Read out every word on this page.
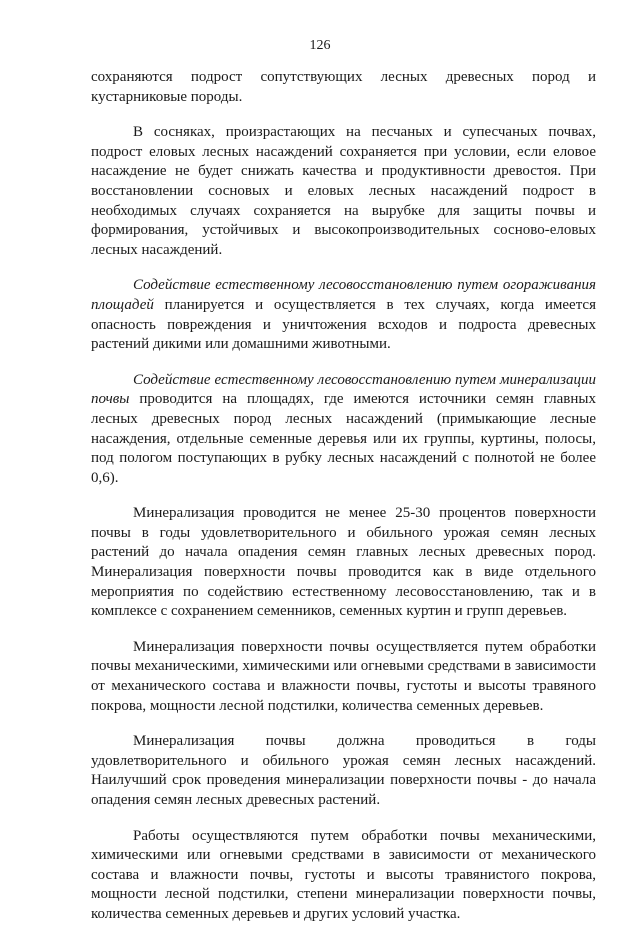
126

сохраняются подрост сопутствующих лесных древесных пород и кустарниковые породы.

В сосняках, произрастающих на песчаных и супесчаных почвах, подрост еловых лесных насаждений сохраняется при условии, если еловое насаждение не будет снижать качества и продуктивности древостоя. При восстановлении сосновых и еловых лесных насаждений подрост в необходимых случаях сохраняется на вырубке для защиты почвы и формирования, устойчивых и высокопроизводительных сосново-еловых лесных насаждений.

Содействие естественному лесовосстановлению путем огораживания площадей планируется и осуществляется в тех случаях, когда имеется опасность повреждения и уничтожения всходов и подроста древесных растений дикими или домашними животными.

Содействие естественному лесовосстановлению путем минерализации почвы проводится на площадях, где имеются источники семян главных лесных древесных пород лесных насаждений (примыкающие лесные насаждения, отдельные семенные деревья или их группы, куртины, полосы, под пологом поступающих в рубку лесных насаждений с полнотой не более 0,6).

Минерализация проводится не менее 25-30 процентов поверхности почвы в годы удовлетворительного и обильного урожая семян лесных растений до начала опадения семян главных лесных древесных пород. Минерализация поверхности почвы проводится как в виде отдельного мероприятия по содействию естественному лесовосстановлению, так и в комплексе с сохранением семенников, семенных куртин и групп деревьев.

Минерализация поверхности почвы осуществляется путем обработки почвы механическими, химическими или огневыми средствами в зависимости от механического состава и влажности почвы, густоты и высоты травяного покрова, мощности лесной подстилки, количества семенных деревьев.

Минерализация почвы должна проводиться в годы удовлетворительного и обильного урожая семян лесных насаждений. Наилучший срок проведения минерализации поверхности почвы - до начала опадения семян лесных древесных растений.

Работы осуществляются путем обработки почвы механическими, химическими или огневыми средствами в зависимости от механического состава и влажности почвы, густоты и высоты травянистого покрова, мощности лесной подстилки, степени минерализации поверхности почвы, количества семенных деревьев и других условий участка.
